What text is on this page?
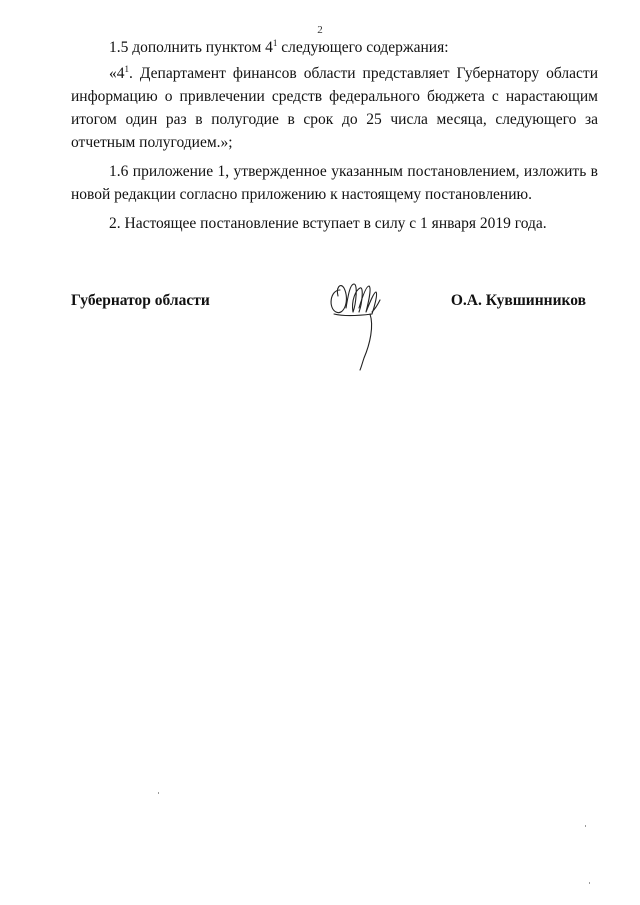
2

1.5 дополнить пунктом $4^1$ следующего содержания:

«$4^1$. Департамент финансов области представляет Губернатору области информацию о привлечении средств федерального бюджета с нарастающим итогом один раз в полугодие в срок до 25 числа месяца, следующего за отчетным полугодием.»;

1.6 приложение 1, утвержденное указанным постановлением, изложить в новой редакции согласно приложению к настоящему постановлению.

2. Настоящее постановление вступает в силу с 1 января 2019 года.

Губернатор области	О.А. Кувшинников
